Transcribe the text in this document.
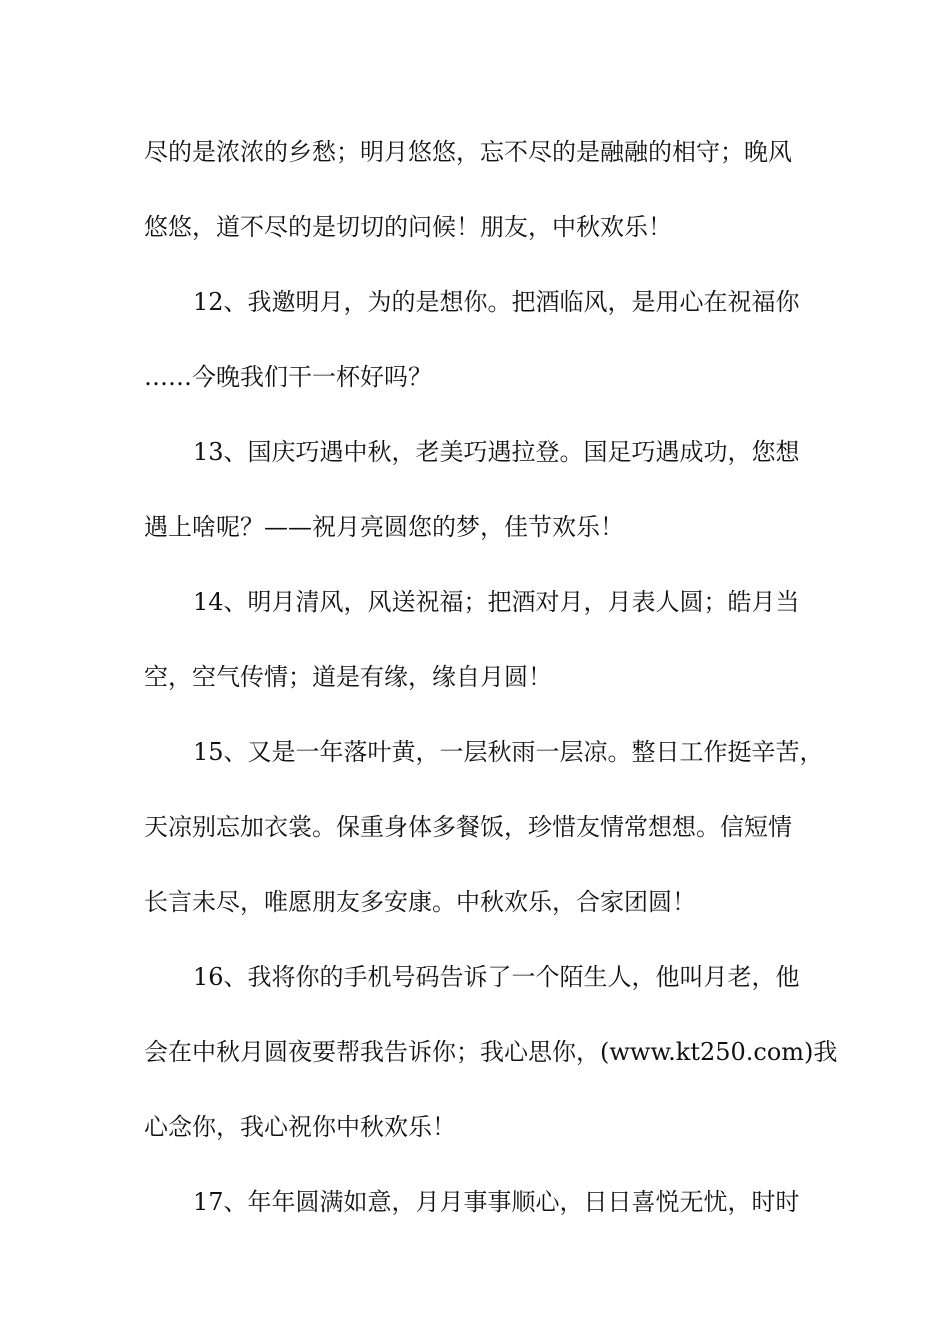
尽的是浓浓的乡愁；明月悠悠，忘不尽的是融融的相守；晚风
悠悠，道不尽的是切切的问候！朋友，中秋欢乐！
12、我邀明月，为的是想你。把酒临风，是用心在祝福你
……今晚我们干一杯好吗？
13、国庆巧遇中秋，老美巧遇拉登。国足巧遇成功，您想
遇上啥呢？——祝月亮圆您的梦，佳节欢乐！
14、明月清风，风送祝福；把酒对月，月表人圆；皓月当
空，空气传情；道是有缘，缘自月圆！
15、又是一年落叶黄，一层秋雨一层凉。整日工作挺辛苦，
天凉别忘加衣裳。保重身体多餐饭，珍惜友情常想想。信短情
长言未尽，唯愿朋友多安康。中秋欢乐，合家团圆！
16、我将你的手机号码告诉了一个陌生人，他叫月老，他
会在中秋月圆夜要帮我告诉你；我心思你，(www.kt250.com)我
心念你，我心祝你中秋欢乐！
17、年年圆满如意，月月事事顺心，日日喜悦无忧，时时
